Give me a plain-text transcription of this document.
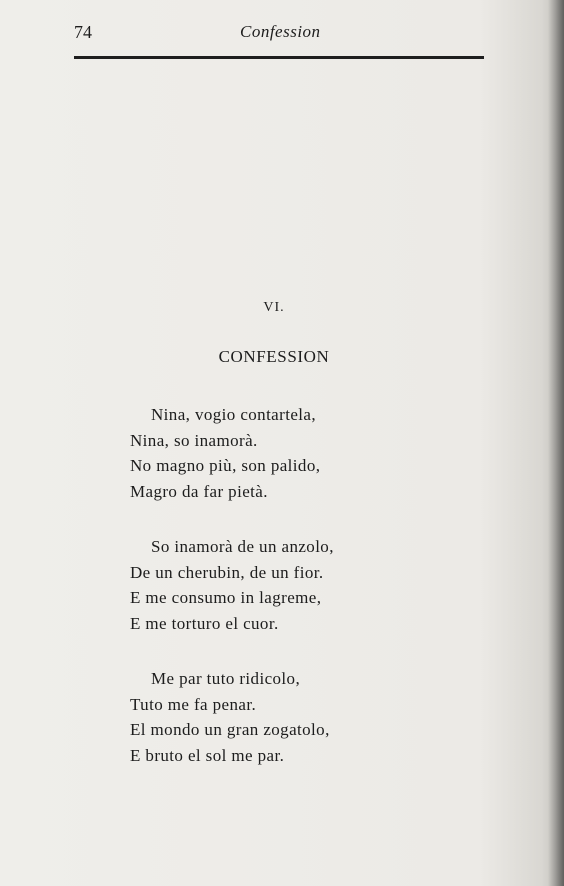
74	Confession
VI.
CONFESSION
Nina, vogio contartela,
Nina, so inamorà.
No magno più, son palido,
Magro da far pietà.
So inamorà de un anzolo,
De un cherubin, de un fior.
E me consumo in lagreme,
E me torturo el cuor.
Me par tuto ridicolo,
Tuto me fa penar.
El mondo un gran zogatolo,
E bruto el sol me par.
